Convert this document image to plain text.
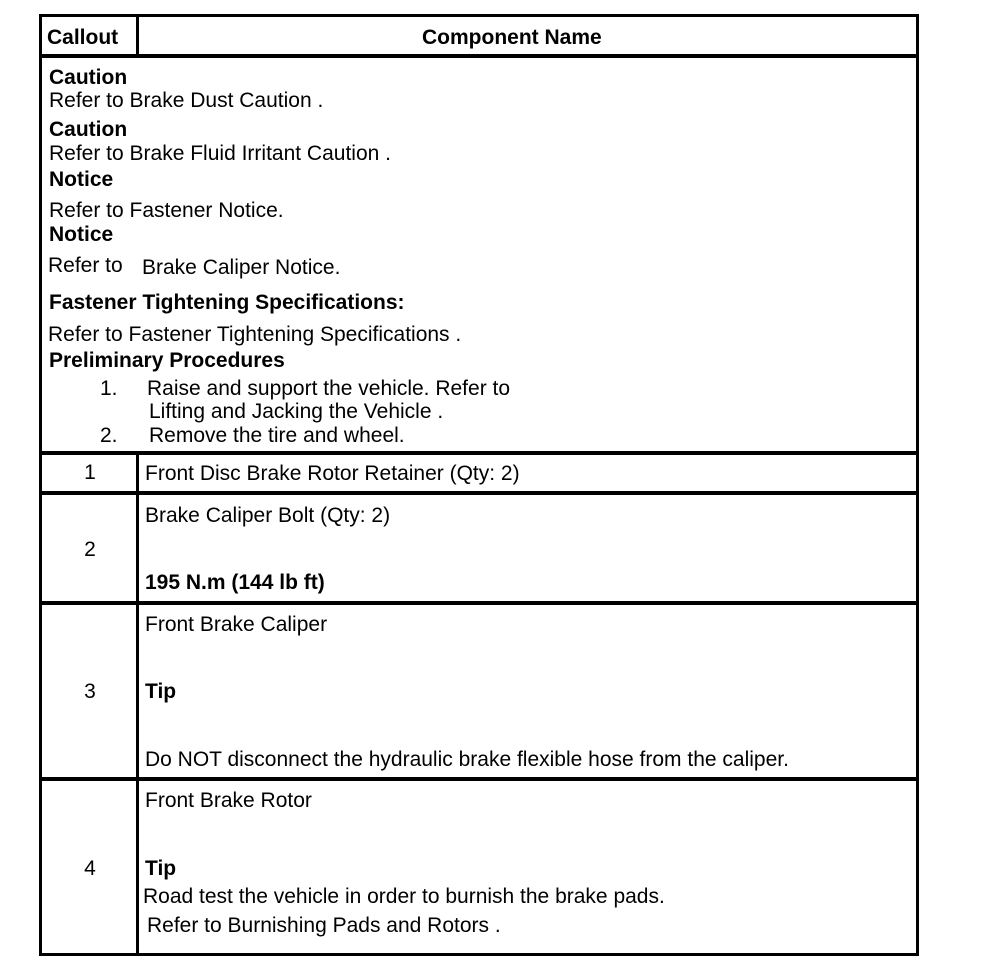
Callout	Component Name
Caution
Refer to Brake Dust Caution .
Caution
Refer to Brake Fluid Irritant Caution .
Notice
Refer to Fastener Notice.
Notice
Refer to Brake Caliper Notice.
Fastener Tightening Specifications:
Refer to Fastener Tightening Specifications .
Preliminary Procedures
1. Raise and support the vehicle. Refer to
Lifting and Jacking the Vehicle .
2. Remove the tire and wheel.
1	Front Disc Brake Rotor Retainer (Qty: 2)
2
Brake Caliper Bolt (Qty: 2)
195 N.m (144 lb ft)
3
Front Brake Caliper
Tip
Do NOT disconnect the hydraulic brake flexible hose from the caliper.
4
Front Brake Rotor
Tip
Road test the vehicle in order to burnish the brake pads.
Refer to Burnishing Pads and Rotors .
